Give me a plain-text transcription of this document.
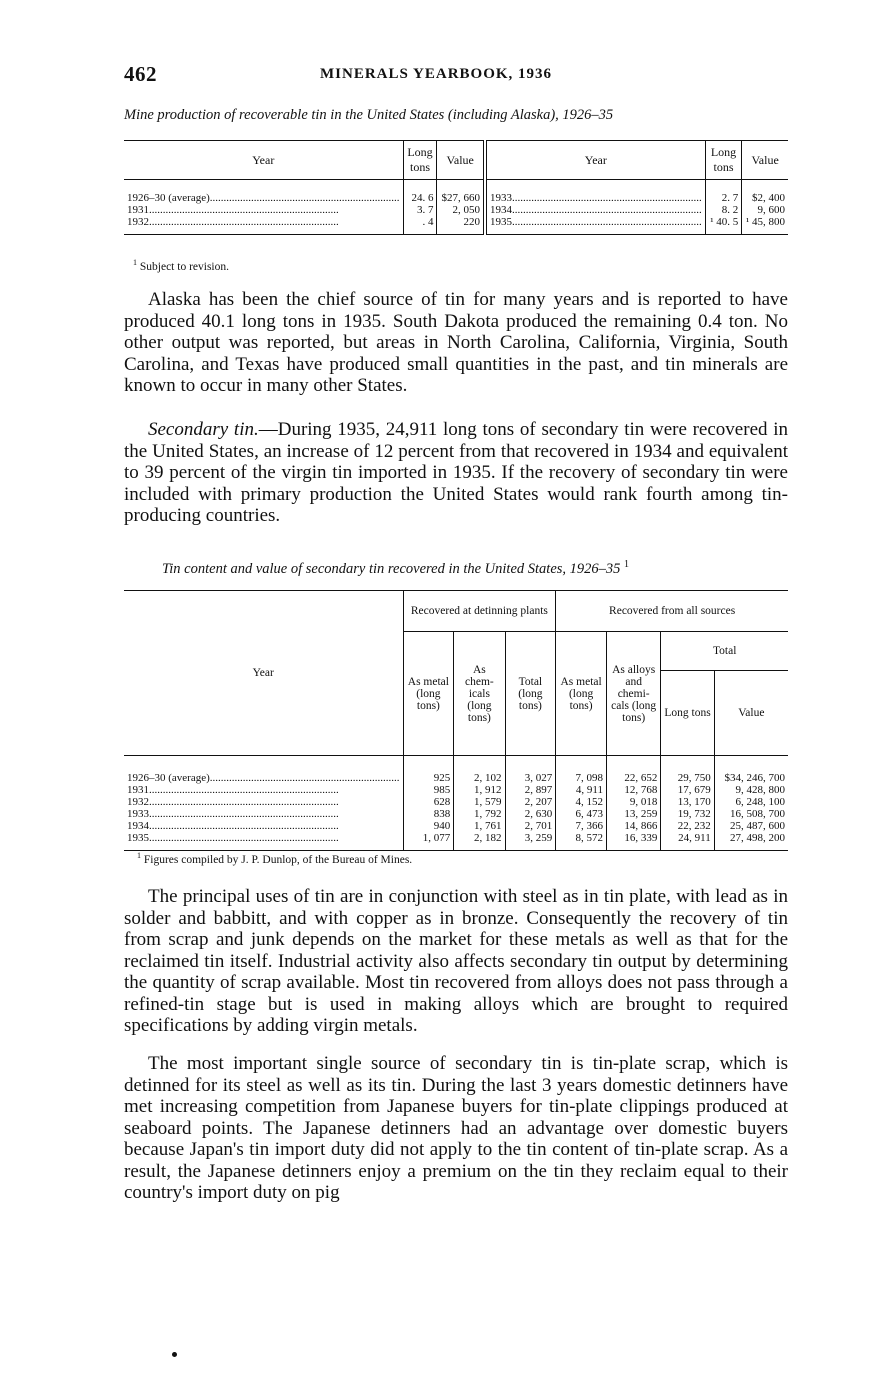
462	MINERALS YEARBOOK, 1936
Mine production of recoverable tin in the United States (including Alaska), 1926–35
Year	Long tons	Value	Year	Long tons	Value
1926–30 (average) .....	24. 6	$27, 660	1933 .....	2. 7	$2, 400
1931 .....	3. 7	2, 050	1934 .....	8. 2	9, 600
1932 .....	. 4	220	1935 .....	¹ 40. 5	¹ 45, 800
$^1$ Subject to revision.

Alaska has been the chief source of tin for many years and is reported to have produced 40.1 long tons in 1935. South Dakota produced the remaining 0.4 ton. No other output was reported, but areas in North Carolina, California, Virginia, South Carolina, and Texas have produced small quantities in the past, and tin minerals are known to occur in many other States.

Secondary tin.—During 1935, 24,911 long tons of secondary tin were recovered in the United States, an increase of 12 percent from that recovered in 1934 and equivalent to 39 percent of the virgin tin imported in 1935. If the recovery of secondary tin were included with primary production the United States would rank fourth among tin-producing countries.

Tin content and value of secondary tin recovered in the United States, 1926–35 $^1$
Year	Recovered at detinning plants			Recovered from all sources			
	As metal (long tons)	As chem-icals (long tons)	Total (long tons)	As metal (long tons)	As alloys and chemi-cals (long tons)	Total	
						Long tons	Value
1926–30 (average) .....	925	2, 102	3, 027	7, 098	22, 652	29, 750	$34, 246, 700
1931 .....	985	1, 912	2, 897	4, 911	12, 768	17, 679	9, 428, 800
1932 .....	628	1, 579	2, 207	4, 152	9, 018	13, 170	6, 248, 100
1933 .....	838	1, 792	2, 630	6, 473	13, 259	19, 732	16, 508, 700
1934 .....	940	1, 761	2, 701	7, 366	14, 866	22, 232	25, 487, 600
1935 .....	1, 077	2, 182	3, 259	8, 572	16, 339	24, 911	27, 498, 200
$^1$ Figures compiled by J. P. Dunlop, of the Bureau of Mines.

The principal uses of tin are in conjunction with steel as in tin plate, with lead as in solder and babbitt, and with copper as in bronze. Consequently the recovery of tin from scrap and junk depends on the market for these metals as well as that for the reclaimed tin itself. Industrial activity also affects secondary tin output by determining the quantity of scrap available. Most tin recovered from alloys does not pass through a refined-tin stage but is used in making alloys which are brought to required specifications by adding virgin metals.

The most important single source of secondary tin is tin-plate scrap, which is detinned for its steel as well as its tin. During the last 3 years domestic detinners have met increasing competition from Japanese buyers for tin-plate clippings produced at seaboard points. The Japanese detinners had an advantage over domestic buyers because Japan's tin import duty did not apply to the tin content of tin-plate scrap. As a result, the Japanese detinners enjoy a premium on the tin they reclaim equal to their country's import duty on pig
